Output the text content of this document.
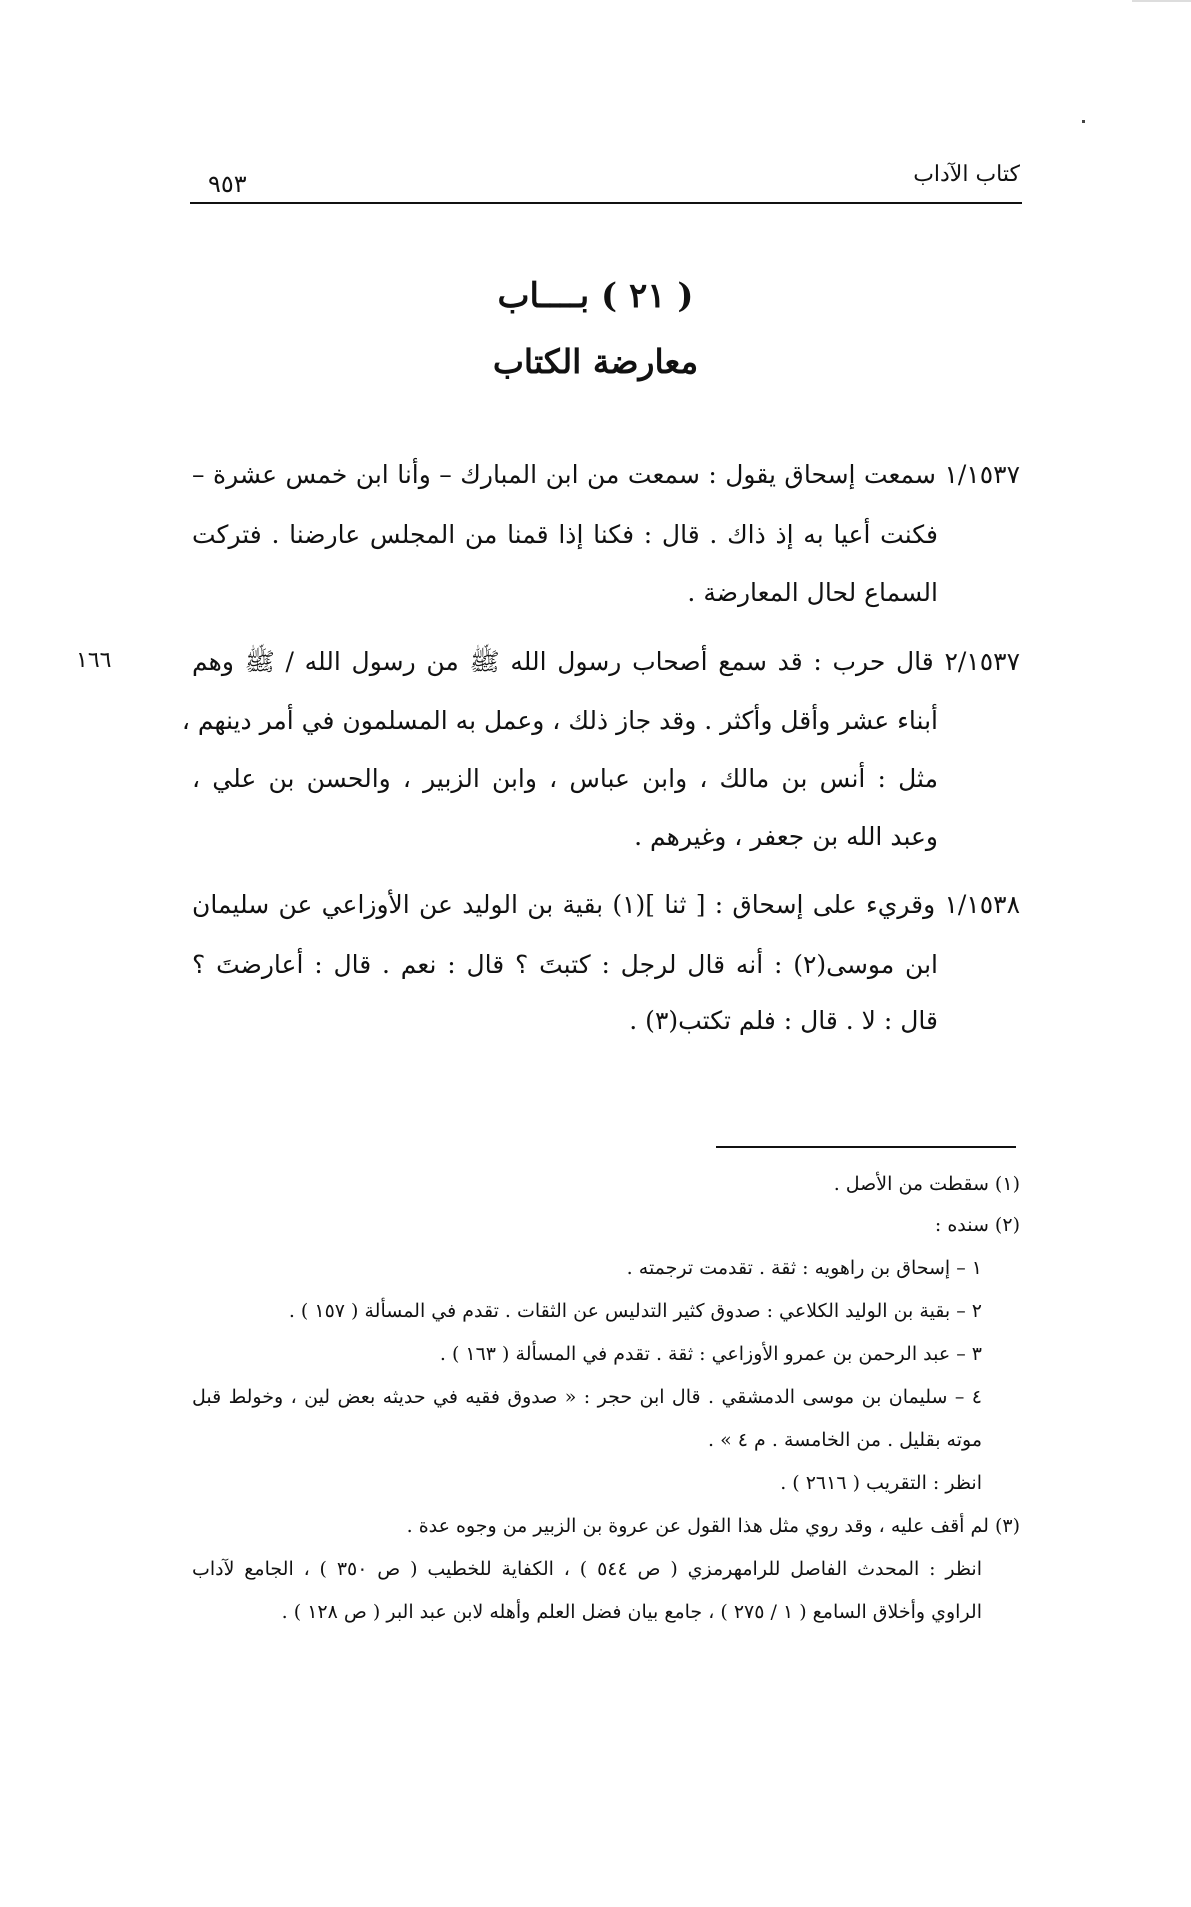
كتاب الآداب
٩٥٣
( ٢١ ) بــــاب
معارضة الكتاب
١٦٦
١/١٥٣٧ سمعت إسحاق يقول : سمعت من ابن المبارك – وأنا ابن خمس عشرة –
فكنت أعيا به إذ ذاك . قال : فكنا إذا قمنا من المجلس عارضنا . فتركت
السماع لحال المعارضة .
٢/١٥٣٧ قال حرب : قد سمع أصحاب رسول الله ﷺ من رسول الله / ﷺ وهم
أبناء عشر وأقل وأكثر . وقد جاز ذلك ، وعمل به المسلمون في أمر دينهم ،
مثل : أنس بن مالك ، وابن عباس ، وابن الزبير ، والحسن بن علي ،
وعبد الله بن جعفر ، وغيرهم .
١/١٥٣٨ وقريء على إسحاق : [ ثنا ](١) بقية بن الوليد عن الأوزاعي عن سليمان
ابن موسى(٢) : أنه قال لرجل : كتبتَ ؟ قال : نعم . قال : أعارضتَ ؟
قال : لا . قال : فلم تكتب(٣) .
(١) سقطت من الأصل .
(٢) سنده :
١ – إسحاق بن راهويه : ثقة . تقدمت ترجمته .
٢ – بقية بن الوليد الكلاعي : صدوق كثير التدليس عن الثقات . تقدم في المسألة ( ١٥٧ ) .
٣ – عبد الرحمن بن عمرو الأوزاعي : ثقة . تقدم في المسألة ( ١٦٣ ) .
٤ – سليمان بن موسى الدمشقي . قال ابن حجر : « صدوق فقيه في حديثه بعض لين ، وخولط قبل
موته بقليل . من الخامسة . م ٤ » .
انظر : التقريب ( ٢٦١٦ ) .
(٣) لم أقف عليه ، وقد روي مثل هذا القول عن عروة بن الزبير من وجوه عدة .
انظر : المحدث الفاصل للرامهرمزي ( ص ٥٤٤ ) ، الكفاية للخطيب ( ص ٣٥٠ ) ، الجامع لآداب
الراوي وأخلاق السامع ( ١ / ٢٧٥ ) ، جامع بيان فضل العلم وأهله لابن عبد البر ( ص ١٢٨ ) .
